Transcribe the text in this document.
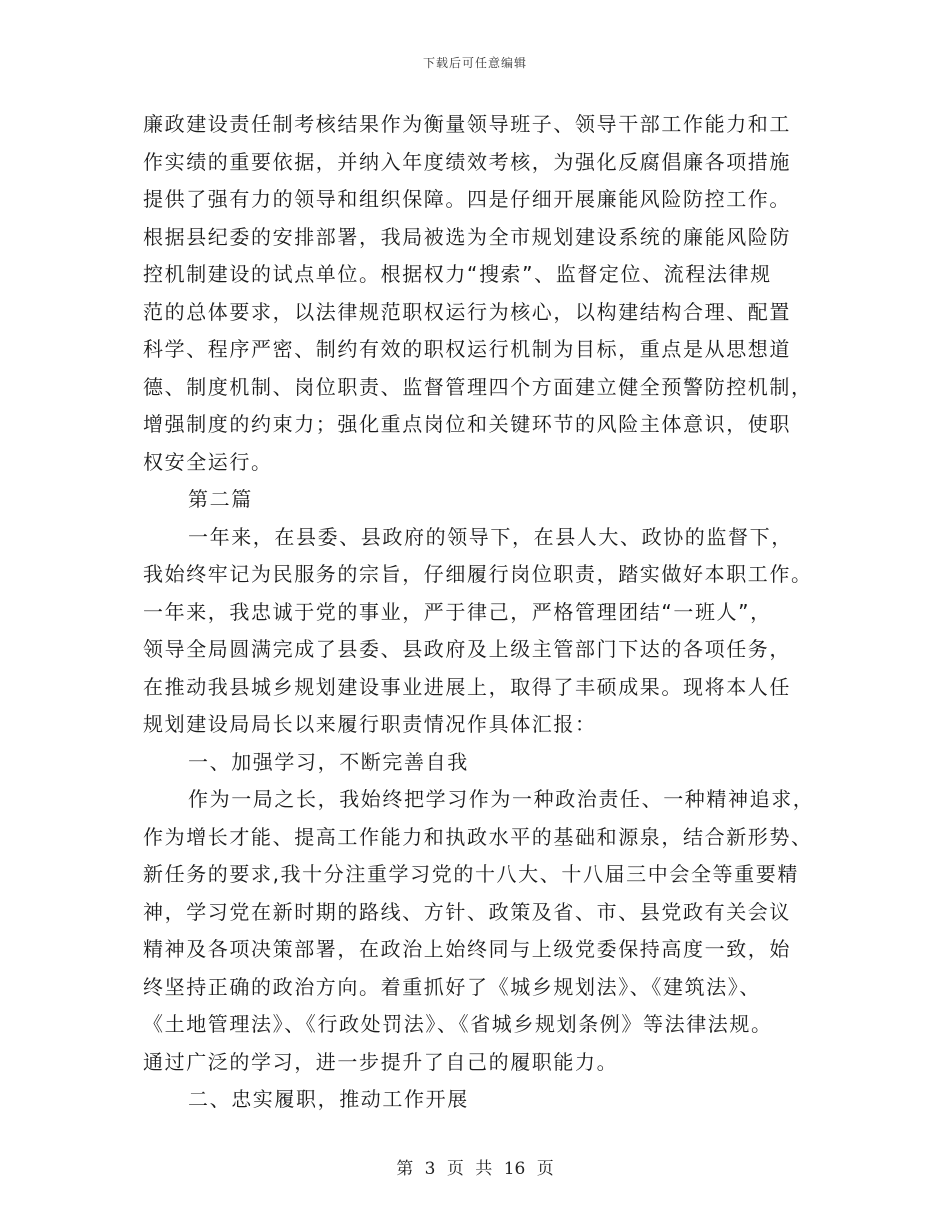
下载后可任意编辑
廉政建设责任制考核结果作为衡量领导班子、领导干部工作能力和工
作实绩的重要依据，并纳入年度绩效考核，为强化反腐倡廉各项措施
提供了强有力的领导和组织保障。四是仔细开展廉能风险防控工作。
根据县纪委的安排部署，我局被选为全市规划建设系统的廉能风险防
控机制建设的试点单位。根据权力“搜索”、监督定位、流程法律规
范的总体要求，以法律规范职权运行为核心，以构建结构合理、配置
科学、程序严密、制约有效的职权运行机制为目标，重点是从思想道
德、制度机制、岗位职责、监督管理四个方面建立健全预警防控机制，
增强制度的约束力；强化重点岗位和关键环节的风险主体意识，使职
权安全运行。
第二篇
一年来，在县委、县政府的领导下，在县人大、政协的监督下，
我始终牢记为民服务的宗旨，仔细履行岗位职责，踏实做好本职工作。
一年来，我忠诚于党的事业，严于律己，严格管理团结“一班人”，
领导全局圆满完成了县委、县政府及上级主管部门下达的各项任务，
在推动我县城乡规划建设事业进展上，取得了丰硕成果。现将本人任
规划建设局局长以来履行职责情况作具体汇报：
一、加强学习，不断完善自我
作为一局之长，我始终把学习作为一种政治责任、一种精神追求，
作为增长才能、提高工作能力和执政水平的基础和源泉，结合新形势、
新任务的要求,我十分注重学习党的十八大、十八届三中会全等重要精
神，学习党在新时期的路线、方针、政策及省、市、县党政有关会议
精神及各项决策部署，在政治上始终同与上级党委保持高度一致，始
终坚持正确的政治方向。着重抓好了《城乡规划法》、《建筑法》、
《土地管理法》、《行政处罚法》、《省城乡规划条例》等法律法规。
通过广泛的学习，进一步提升了自己的履职能力。
二、忠实履职，推动工作开展
第 3 页 共 16 页
